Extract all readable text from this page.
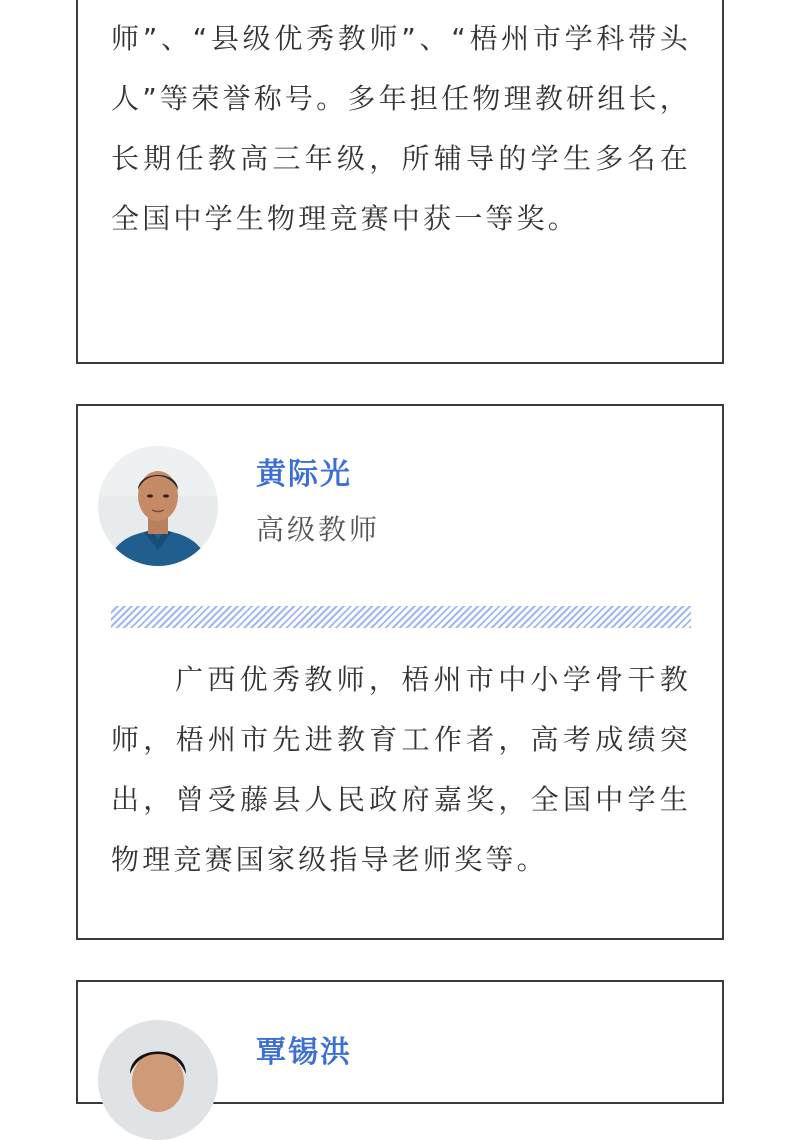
师”、“县级优秀教师”、“梧州市学科带头人”等荣誉称号。多年担任物理教研组长，长期任教高三年级，所辅导的学生多名在全国中学生物理竞赛中获一等奖。

黄际光
高级教师

广西优秀教师，梧州市中小学骨干教师，梧州市先进教育工作者，高考成绩突出，曾受藤县人民政府嘉奖，全国中学生物理竞赛国家级指导老师奖等。

覃锡洪
